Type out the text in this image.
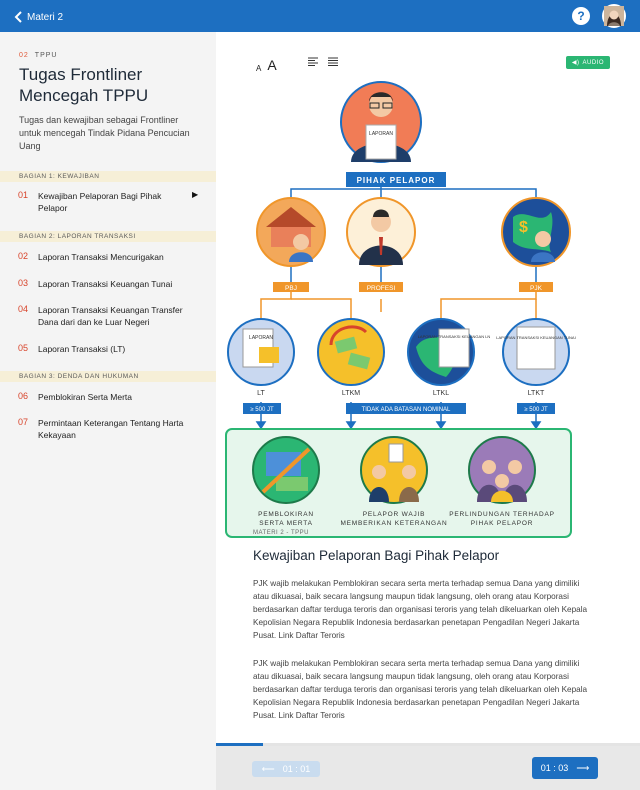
Materi 2	?
02 TPPU
Tugas Frontliner Mencegah TPPU
Tugas dan kewajiban sebagai Frontliner untuk mencegah Tindak Pidana Pencucian Uang
BAGIAN 1: KEWAJIBAN
01	Kewajiban Pelaporan Bagi Pihak Pelapor
▶
BAGIAN 2: LAPORAN TRANSAKSI
02	Laporan Transaksi Mencurigakan
03	Laporan Transaksi Keuangan Tunai
04	Laporan Transaksi Keuangan Transfer Dana dari dan ke Luar Negeri
05	Laporan Transaksi (LT)
BAGIAN 3: DENDA DAN HUKUMAN
06	Pemblokiran Serta Merta
07	Permintaan Keterangan Tentang Harta Kekayaan
A A	◀) AUDIO
LAPORAN
PIHAK PELAPOR
$
PBJ	PROFESI	PJK
LAPORAN	LAPORAN TRANSAKSI KEUANGAN LN LAPORAN TRANSAKSI KEUANGAN TUNAI
LT	LTKM	LTKL	LTKT
≥ 500 JT	TIDAK ADA BATASAN NOMINAL	≥ 500 JT
PEMBLOKIRAN
SERTA MERTA
PELAPOR WAJIB
MEMBERIKAN KETERANGAN
PERLINDUNGAN TERHADAP
PIHAK PELAPOR
MATERI 2 - TPPU
Kewajiban Pelaporan Bagi Pihak Pelapor
PJK wajib melakukan Pemblokiran secara serta merta terhadap semua Dana yang dimiliki atau dikuasai, baik secara langsung maupun tidak langsung, oleh orang atau Korporasi berdasarkan daftar terduga teroris dan organisasi teroris yang telah dikeluarkan oleh Kepala Kepolisian Negara Republik Indonesia berdasarkan penetapan Pengadilan Negeri Jakarta Pusat. Link Daftar Teroris
PJK wajib melakukan Pemblokiran secara serta merta terhadap semua Dana yang dimiliki atau dikuasai, baik secara langsung maupun tidak langsung, oleh orang atau Korporasi berdasarkan daftar terduga teroris dan organisasi teroris yang telah dikeluarkan oleh Kepala Kepolisian Negara Republik Indonesia berdasarkan penetapan Pengadilan Negeri Jakarta Pusat. Link Daftar Teroris
⟵ 01 : 01	01 : 03 ⟶
